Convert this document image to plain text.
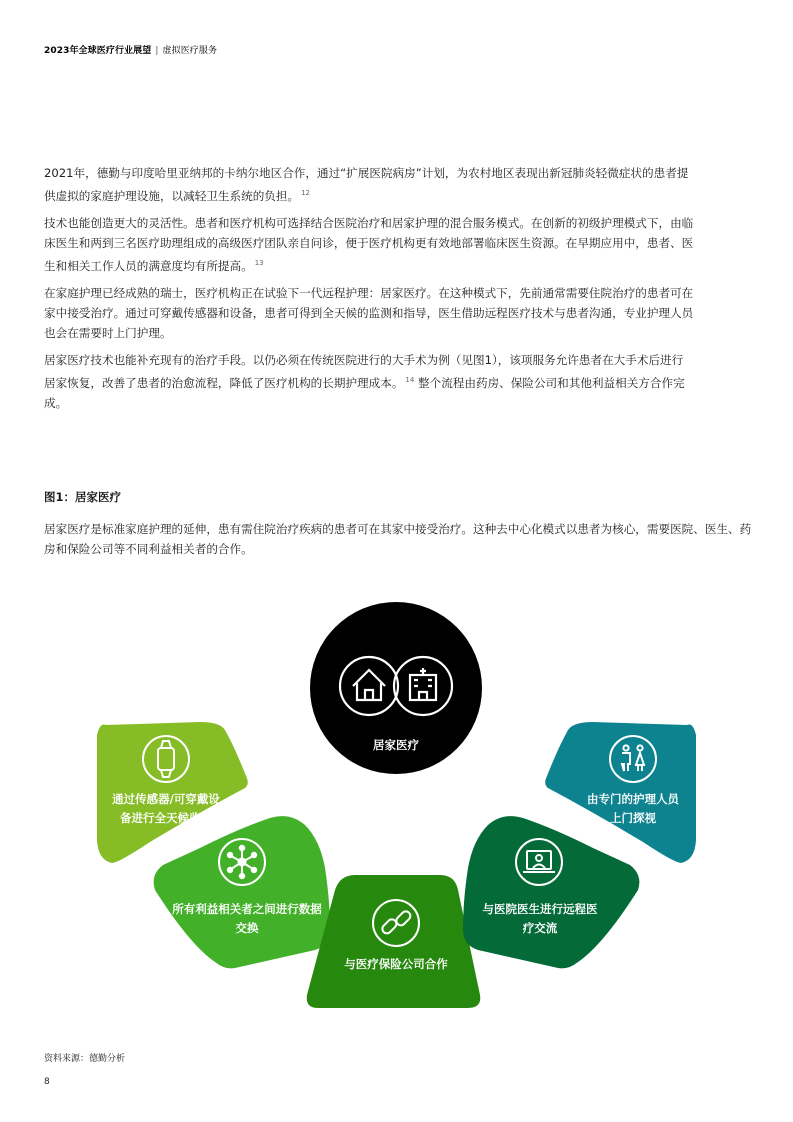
2023年全球医疗行业展望 | 虚拟医疗服务

2021年，德勤与印度哈里亚纳邦的卡纳尔地区合作，通过“扩展医院病房”计划，为农村地区表现出新冠肺炎轻微症状的患者提供虚拟的家庭护理设施，以减轻卫生系统的负担。 $^{12}$

技术也能创造更大的灵活性。患者和医疗机构可选择结合医院治疗和居家护理的混合服务模式。在创新的初级护理模式下，由临床医生和两到三名医疗助理组成的高级医疗团队亲自问诊，便于医疗机构更有效地部署临床医生资源。在早期应用中，患者、医生和相关工作人员的满意度均有所提高。 $^{13}$

在家庭护理已经成熟的瑞士，医疗机构正在试验下一代远程护理：居家医疗。在这种模式下，先前通常需要住院治疗的患者可在家中接受治疗。通过可穿戴传感器和设备，患者可得到全天候的监测和指导，医生借助远程医疗技术与患者沟通，专业护理人员也会在需要时上门护理。

居家医疗技术也能补充现有的治疗手段。以仍必须在传统医院进行的大手术为例（见图1），该项服务允许患者在大手术后进行居家恢复，改善了患者的治愈流程，降低了医疗机构的长期护理成本。 $^{14}$ 整个流程由药房、保险公司和其他利益相关方合作完成。

图1：居家医疗
居家医疗是标准家庭护理的延伸，患有需住院治疗疾病的患者可在其家中接受治疗。这种去中心化模式以患者为核心，需要医院、医生、药房和保险公司等不同利益相关者的合作。
居家医疗
通过传感器/可穿戴设备进行全天候监测
所有利益相关者之间进行数据交换
与医疗保险公司合作
与医院医生进行远程医疗交流
由专门的护理人员上门探视
资料来源：德勤分析
8
